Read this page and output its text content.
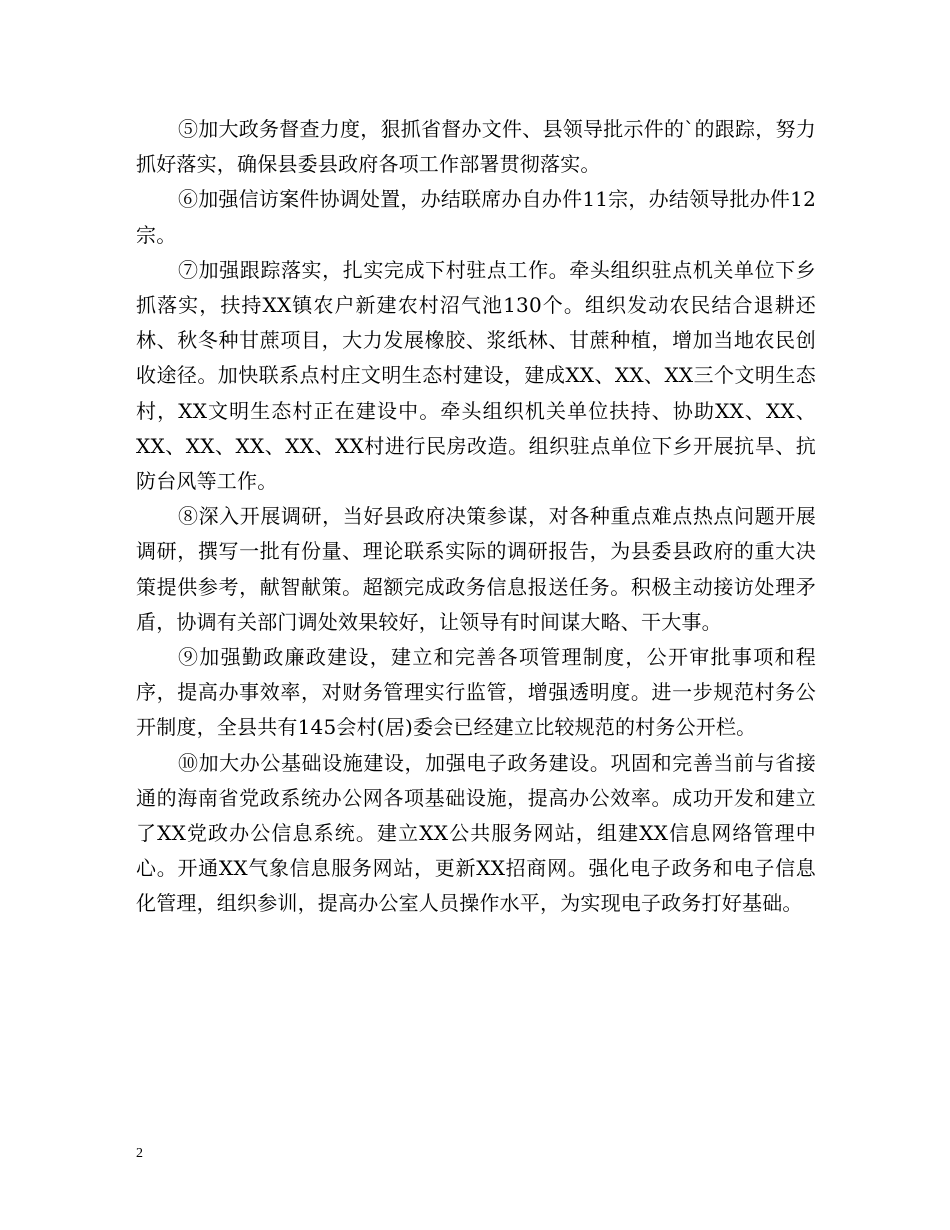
⑤加大政务督查力度，狠抓省督办文件、县领导批示件的`的跟踪，努力抓好落实，确保县委县政府各项工作部署贯彻落实。

⑥加强信访案件协调处置，办结联席办自办件11宗，办结领导批办件12宗。

⑦加强跟踪落实，扎实完成下村驻点工作。牵头组织驻点机关单位下乡抓落实，扶持XX镇农户新建农村沼气池130个。组织发动农民结合退耕还林、秋冬种甘蔗项目，大力发展橡胶、浆纸林、甘蔗种植，增加当地农民创收途径。加快联系点村庄文明生态村建设，建成XX、XX、XX三个文明生态村，XX文明生态村正在建设中。牵头组织机关单位扶持、协助XX、XX、XX、XX、XX、XX、XX村进行民房改造。组织驻点单位下乡开展抗旱、抗防台风等工作。

⑧深入开展调研，当好县政府决策参谋，对各种重点难点热点问题开展调研，撰写一批有份量、理论联系实际的调研报告，为县委县政府的重大决策提供参考，献智献策。超额完成政务信息报送任务。积极主动接访处理矛盾，协调有关部门调处效果较好，让领导有时间谋大略、干大事。

⑨加强勤政廉政建设，建立和完善各项管理制度，公开审批事项和程序，提高办事效率，对财务管理实行监管，增强透明度。进一步规范村务公开制度，全县共有145会村(居)委会已经建立比较规范的村务公开栏。

⑩加大办公基础设施建设，加强电子政务建设。巩固和完善当前与省接通的海南省党政系统办公网各项基础设施，提高办公效率。成功开发和建立了XX党政办公信息系统。建立XX公共服务网站，组建XX信息网络管理中心。开通XX气象信息服务网站，更新XX招商网。强化电子政务和电子信息化管理，组织参训，提高办公室人员操作水平，为实现电子政务打好基础。

2
